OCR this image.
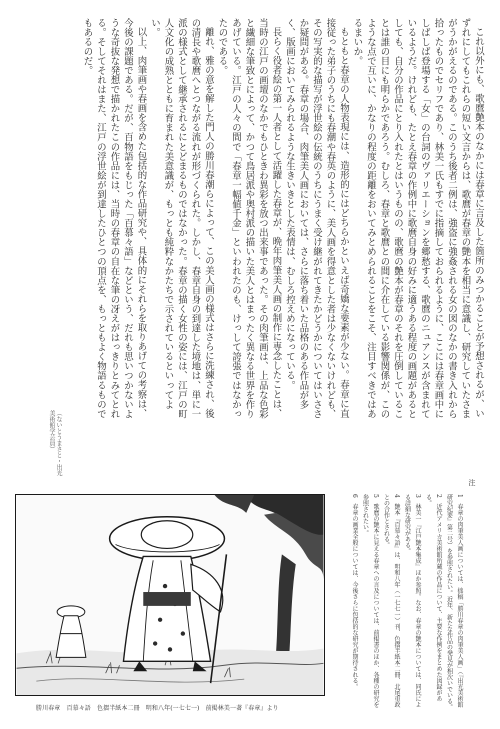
これ以外にも、歌麿艶本のなかには春章に言及した箇所のみつかることが予想されるが、いずれにしてもこれらの短い文言からは、歌麿が春章の艶本を相当に意識し、研究していたさまがうかがえるのである。このうち後者二例は、強盗に強姦される女の図のなかの書き入れから拾ったものでセリフであり、林美一氏もすでに指摘しておられるように、ここには春章画中にしばしば登場する「女」の台詞のヴァリエーションを郷愁する、歌麿のニュアンスが含まれているようだ。けれども、たとえ春章の作例中に歌麿自身の好みに適うある程度の画題があるとしても、自分の作品にとり入れたとはいうものの、歌麿の艶本が春章のそれを圧倒していることは誰の目にも明らかであろう。むしろ、春章と歌麿との間に介在している影響関係が、このような点で互いに、かなりの程度の距離をおいてみとめられることをこそ、注目すべきではあるまいか。

もともと春章の人物表現には、造形的にはどちらかといえば奇嬌な要素が少ない。春章に直接従った弟子のうちにも春潮や春英のように、美人画を得意とした者は少なくないけれども、その写実的な描写が浮世絵の伝統のうちにうまく受け継がれてきたかどうかについてはいささか疑問がある。春章の場合、肉筆美人画においては、さらに落ち着いた品格のある作品が多く、版画においてみられるような生きいきとした表情は、むしろ控えめになっている。

長らく役者絵の第一人者として活躍した春章が、晩年肉筆美人画の制作に専念したことは、当時の江戸の画壇のなかでもひときわ異彩を放つ出来事であった。その肉筆画は、上品な色彩と繊細な筆致とによって、かつて鳥居派や奥村派の描いた美人とはまったく異なる世界を作りあげている。江戸の人々の間で「春章一幅値千金」といわれたのも、けっして誇張ではなかったのである。

離れ、雅の意を解した門人の勝川春潮らによって、この美人画の様式はさらに洗練され、後の清長や歌麿へとつながる流れが形づくられた。しかし、春章自身の到達した境地は、単に一派の様式として継承されるにとどまるものではなかった。春章の描く女性の姿には、江戸の町人文化の成熟とともに育まれた美意識が、もっとも純粋なかたちで示されているといってよい。

以上、肉筆画や春画を含めた包括的な作品研究や、具体的にそれらを取りあげての考察は、今後の課題である。だが、百物語をもじった「百慕々語」などという、だれも思いつかないような奇抜な発想で描かれたこの作品には、当時の春章の自在な筆の冴えがはっきりとみてとれる。そしてそれはまた、江戸の浮世絵が到達したひとつの頂点を、もっともよく物語るものでもあるのだ。

（ないとうまさと・出光美術館学芸員）
注

1　春章の肉筆美人画については、拙稿「勝川春章の肉筆美人画」（『出光美術館研究紀要』第二号）を参照されたい。近年、新たな作品の発見が相次いでいる。

2　近代アメリカ美術館所蔵の作品について、主要な作例をまとめた図録がある。

3　林美一『江戸艶本集成』ほか参照。なお、春章の艶本については、同氏による詳細な研究がある。

4　艶本『百慕々語』は、明和八年（一七七一）刊、色摺半紙本二冊、北尾重政との合作とされる。

5　歌麿の艶本に見える春章への言及については、前掲書のほか、各種の研究を参照されたい。

6　春章の画業全般については、今後さらに包括的な研究が期待される。

勝川春章　百慕々語　色摺半紙本二冊　明和八年(一七七一)　前掲林美一著『春章』より
